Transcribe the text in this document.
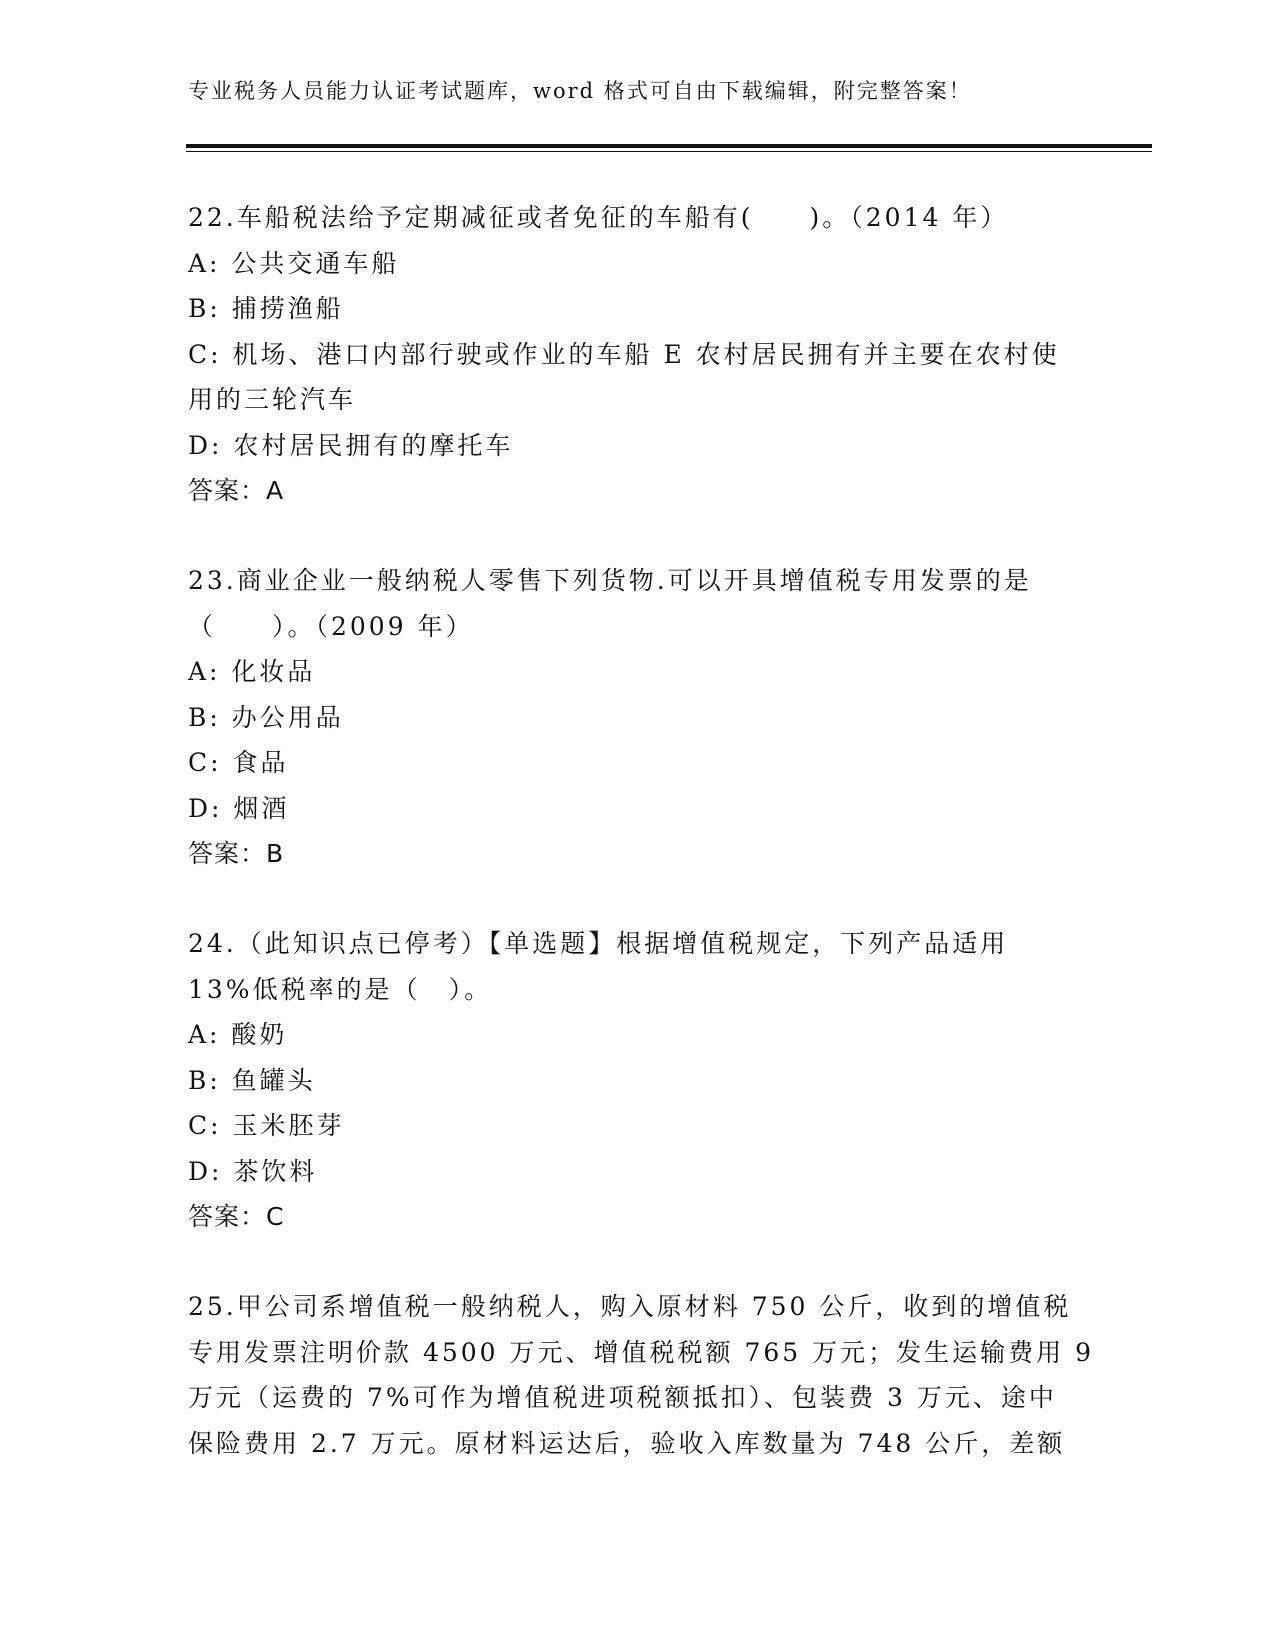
专业税务人员能力认证考试题库，word 格式可自由下载编辑，附完整答案！
22.车船税法给予定期减征或者免征的车船有(　　)。（2014 年）
A: 公共交通车船
B: 捕捞渔船
C: 机场、港口内部行驶或作业的车船 E 农村居民拥有并主要在农村使
用的三轮汽车
D: 农村居民拥有的摩托车
答案：A
23.商业企业一般纳税人零售下列货物.可以开具增值税专用发票的是
（　　）。（2009 年）
A: 化妆品
B: 办公用品
C: 食品
D: 烟酒
答案：B
24.（此知识点已停考）【单选题】根据增值税规定，下列产品适用
13%低税率的是（　）。
A: 酸奶
B: 鱼罐头
C: 玉米胚芽
D: 茶饮料
答案：C
25.甲公司系增值税一般纳税人，购入原材料 750 公斤，收到的增值税
专用发票注明价款 4500 万元、增值税税额 765 万元；发生运输费用 9
万元（运费的 7%可作为增值税进项税额抵扣）、包装费 3 万元、途中
保险费用 2.7 万元。原材料运达后，验收入库数量为 748 公斤，差额
